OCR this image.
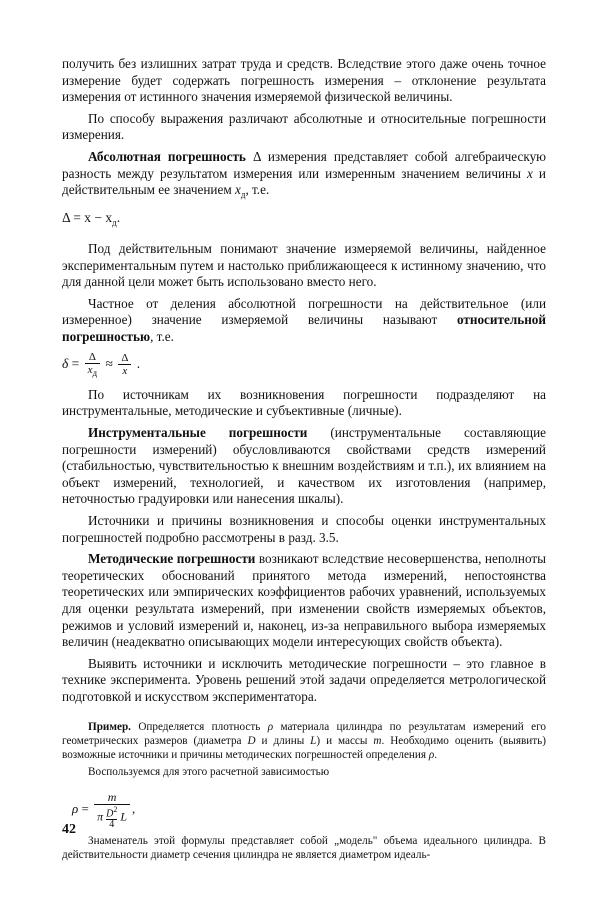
получить без излишних затрат труда и средств. Вследствие этого даже очень точное измерение будет содержать погрешность измерения – отклонение результата измерения от истинного значения измеряемой физической величины.

По способу выражения различают абсолютные и относительные погрешности измерения.

Абсолютная погрешность Δ измерения представляет собой алгебраическую разность между результатом измерения или измеренным значением величины x и действительным ее значением $x_д$, т.е.

$\Delta = x - x_д$.

Под действительным понимают значение измеряемой величины, найденное экспериментальным путем и настолько приближающееся к истинному значению, что для данной цели может быть использовано вместо него.

Частное от деления абсолютной погрешности на действительное (или измеренное) значение измеряемой величины называют относительной погрешностью, т.е.

$\delta = \frac{\Delta}{x_д} \approx \frac{\Delta}{x}$ .

По источникам их возникновения погрешности подразделяют на инструментальные, методические и субъективные (личные).

Инструментальные погрешности (инструментальные составляющие погрешности измерений) обусловливаются свойствами средств измерений (стабильностью, чувствительностью к внешним воздействиям и т.п.), их влиянием на объект измерений, технологией, и качеством их изготовления (например, неточностью градуировки или нанесения шкалы).

Источники и причины возникновения и способы оценки инструментальных погрешностей подробно рассмотрены в разд. 3.5.

Методические погрешности возникают вследствие несовершенства, неполноты теоретических обоснований принятого метода измерений, непостоянства теоретических или эмпирических коэффициентов рабочих уравнений, используемых для оценки результата измерений, при изменении свойств измеряемых объектов, режимов и условий измерений и, наконец, из-за неправильного выбора измеряемых величин (неадекватно описывающих модели интересующих свойств объекта).

Выявить источники и исключить методические погрешности – это главное в технике эксперимента. Уровень решений этой задачи определяется метрологической подготовкой и искусством экспериментатора.

Пример. Определяется плотность ρ материала цилиндра по результатам измерений его геометрических размеров (диаметра D и длины L) и массы m. Необходимо оценить (выявить) возможные источники и причины методических погрешностей определения ρ.

Воспользуемся для этого расчетной зависимостью

$\rho = \frac{m}{\pi \frac{D^2}{4} L}$ ,

Знаменатель этой формулы представляет собой „модель" объема идеального цилиндра. В действительности диаметр сечения цилиндра не является диаметром идеаль-

42
